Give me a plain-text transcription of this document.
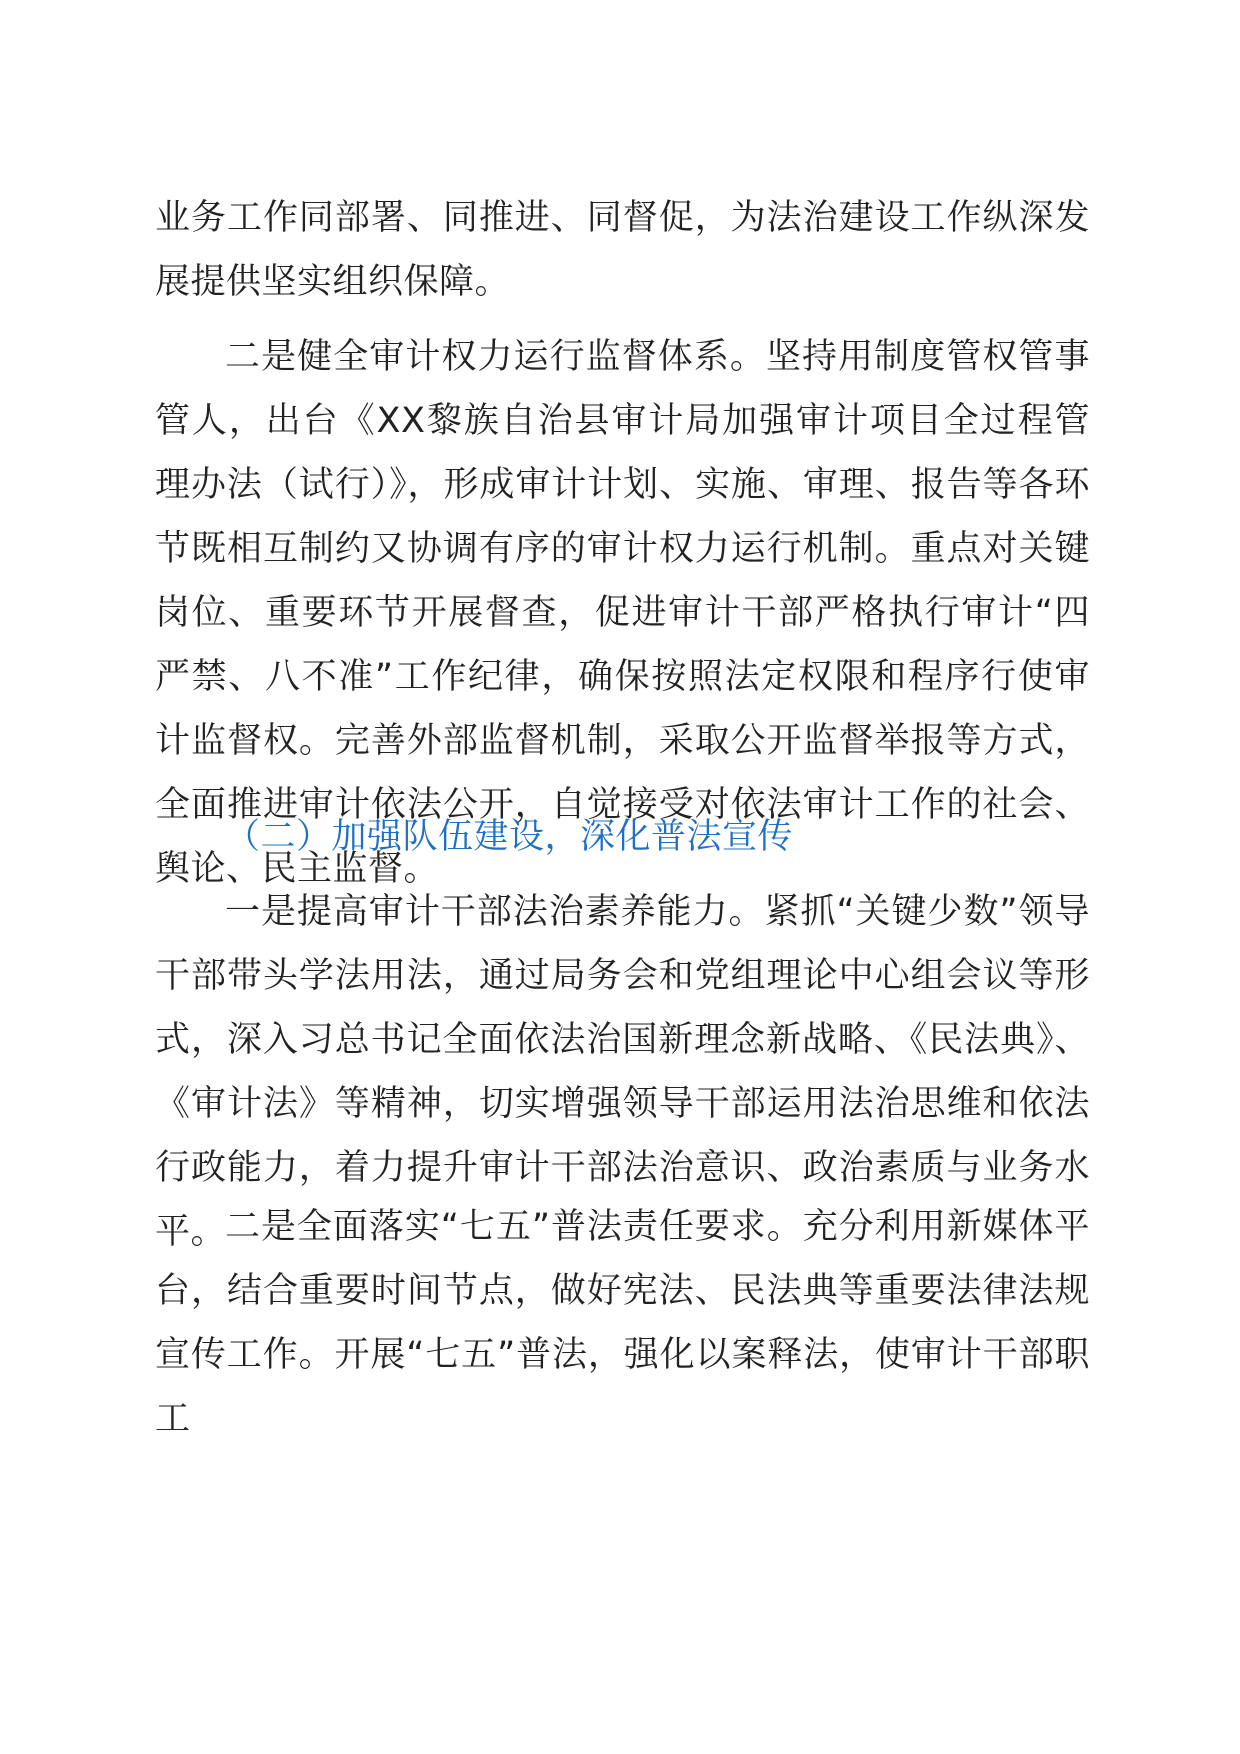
业务工作同部署、同推进、同督促，为法治建设工作纵深发展提供坚实组织保障。

二是健全审计权力运行监督体系。坚持用制度管权管事管人，出台《XX黎族自治县审计局加强审计项目全过程管理办法（试行）》，形成审计计划、实施、审理、报告等各环节既相互制约又协调有序的审计权力运行机制。重点对关键岗位、重要环节开展督查，促进审计干部严格执行审计“四严禁、八不准”工作纪律，确保按照法定权限和程序行使审计监督权。完善外部监督机制，采取公开监督举报等方式，全面推进审计依法公开，自觉接受对依法审计工作的社会、舆论、民主监督。

（二）加强队伍建设，深化普法宣传

一是提高审计干部法治素养能力。紧抓“关键少数”领导干部带头学法用法，通过局务会和党组理论中心组会议等形式，深入习总书记全面依法治国新理念新战略、《民法典》、《审计法》等精神，切实增强领导干部运用法治思维和依法行政能力，着力提升审计干部法治意识、政治素质与业务水平。

二是全面落实“七五”普法责任要求。充分利用新媒体平台，结合重要时间节点，做好宪法、民法典等重要法律法规宣传工作。开展“七五”普法，强化以案释法，使审计干部职工
